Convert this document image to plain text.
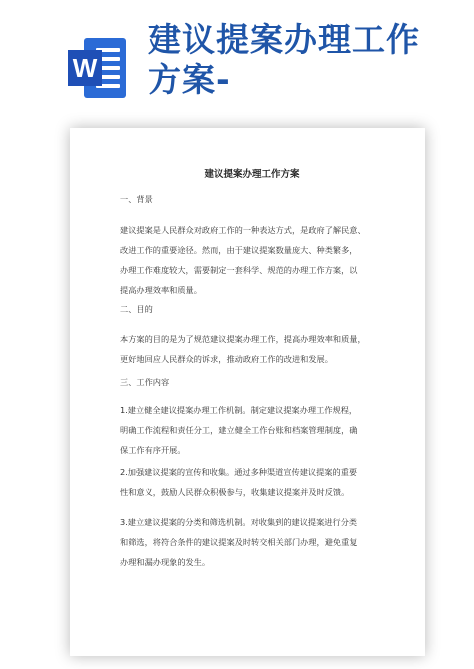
W
建议提案办理工作
方案-
建议提案办理工作方案
一、背景
建议提案是人民群众对政府工作的一种表达方式，是政府了解民意、
改进工作的重要途径。然而，由于建议提案数量庞大、种类繁多，
办理工作难度较大，需要制定一套科学、规范的办理工作方案，以
提高办理效率和质量。
二、目的
本方案的目的是为了规范建议提案办理工作，提高办理效率和质量，
更好地回应人民群众的诉求，推动政府工作的改进和发展。
三、工作内容
1.建立健全建议提案办理工作机制。制定建议提案办理工作规程，
明确工作流程和责任分工，建立健全工作台账和档案管理制度，确
保工作有序开展。
2.加强建议提案的宣传和收集。通过多种渠道宣传建议提案的重要
性和意义，鼓励人民群众积极参与，收集建议提案并及时反馈。
3.建立建议提案的分类和筛选机制。对收集到的建议提案进行分类
和筛选，将符合条件的建议提案及时转交相关部门办理，避免重复
办理和漏办现象的发生。
